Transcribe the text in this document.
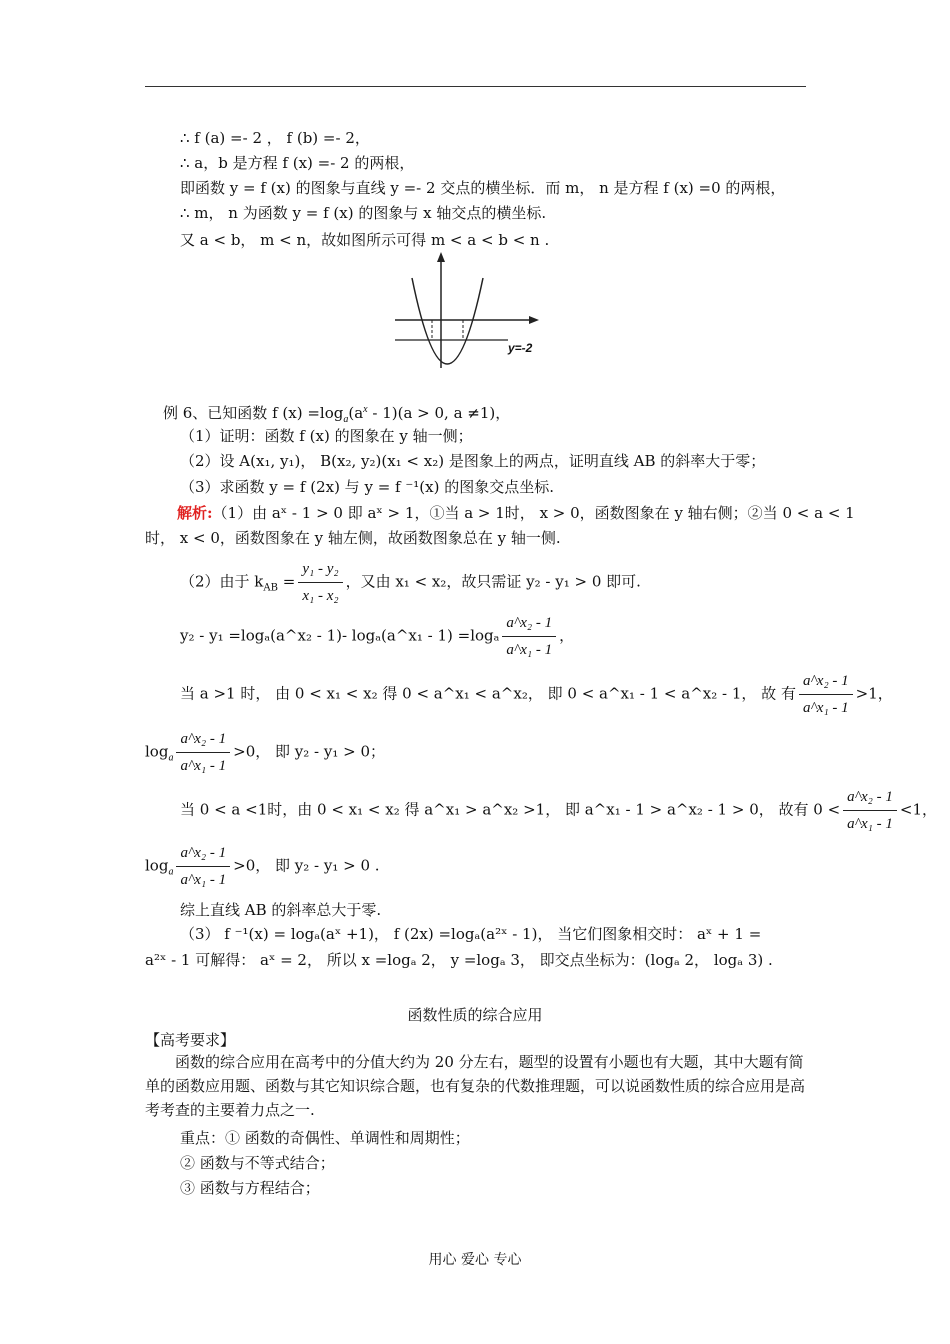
∴ f (a) =- 2 ， f (b) =- 2，
∴ a，b 是方程 f (x) =- 2 的两根，
即函数 y = f (x) 的图象与直线 y =- 2 交点的横坐标．而 m， n 是方程 f (x) =0 的两根，
∴ m， n 为函数 y = f (x) 的图象与 x 轴交点的横坐标.
又 a < b， m < n，故如图所示可得 m < a < b < n .
y=-2
例 6、已知函数 f $(x) =\log_a(a^x - 1)(a > 0$, a ≠1)，
（1）证明：函数 f (x) 的图象在 y 轴一侧；
（2）设 A(x₁, y₁)， B(x₂, y₂)(x₁ < x₂) 是图象上的两点，证明直线 AB 的斜率大于零；
（3）求函数 y = f (2x) 与 y = f ⁻¹(x) 的图象交点坐标.
解析:（1）由 aˣ - 1 > 0 即 aˣ > 1，①当 a > 1时， x > 0，函数图象在 y 轴右侧；②当 0 < a < 1
时， x < 0，函数图象在 y 轴左侧，故函数图象总在 y 轴一侧.
（2）由于 $k_{AB} = \frac{\text{y₁ - y₂}}{\text{x₁ - x₂}}$ ，又由 x₁ < x₂，故只需证 y₂ - y₁ > 0 即可.
y₂ - y₁ =logₐ(a^x₂ - 1)- logₐ(a^x₁ - $1) =\log_a \frac{\text{a\textasciicircum{}x₂ - 1}}{\text{a\textasciicircum{}x₁ - 1}}$ ，
当 a >1 时， 由 0 < x₁ < x₂ 得 0 < a^x₁ < a^x₂， 即 0 < a^x₁ - 1 < a^x₂ - 1， 故 有 $\frac{\text{a\textasciicircum{}x₂ - 1}}{\text{a\textasciicircum{}x₁ - 1}} >1$，
$\log_a \frac{\text{a\textasciicircum{}x₂ - 1}}{\text{a\textasciicircum{}x₁ - 1}} >0$， 即 y₂ - y₁ > 0；
当 0 < a <1时，由 0 < x₁ < x₂ 得 a^x₁ > a^x₂ >1， 即 a^x₁ - 1 > a^x₂ - 1 > 0， 故有 $0 < \frac{\text{a\textasciicircum{}x₂ - 1}}{\text{a\textasciicircum{}x₁ - 1}} <1$，
$\log_a \frac{\text{a\textasciicircum{}x₂ - 1}}{\text{a\textasciicircum{}x₁ - 1}} >0$， 即 y₂ - y₁ > 0 .
综上直线 AB 的斜率总大于零.
（3） f ⁻¹(x) = logₐ(aˣ +1)， f (2x) =logₐ(a²ˣ - 1)， 当它们图象相交时： aˣ + 1 =
a²ˣ - 1 可解得： aˣ = 2， 所以 x =logₐ 2， y =logₐ 3， 即交点坐标为：(logₐ 2， logₐ 3) .
函数性质的综合应用
【高考要求】
函数的综合应用在高考中的分值大约为 20 分左右，题型的设置有小题也有大题，其中大题有简单的函数应用题、函数与其它知识综合题，也有复杂的代数推理题，可以说函数性质的综合应用是高考考查的主要着力点之一.
重点：① 函数的奇偶性、单调性和周期性；
② 函数与不等式结合；
③ 函数与方程结合；
用心 爱心 专心
